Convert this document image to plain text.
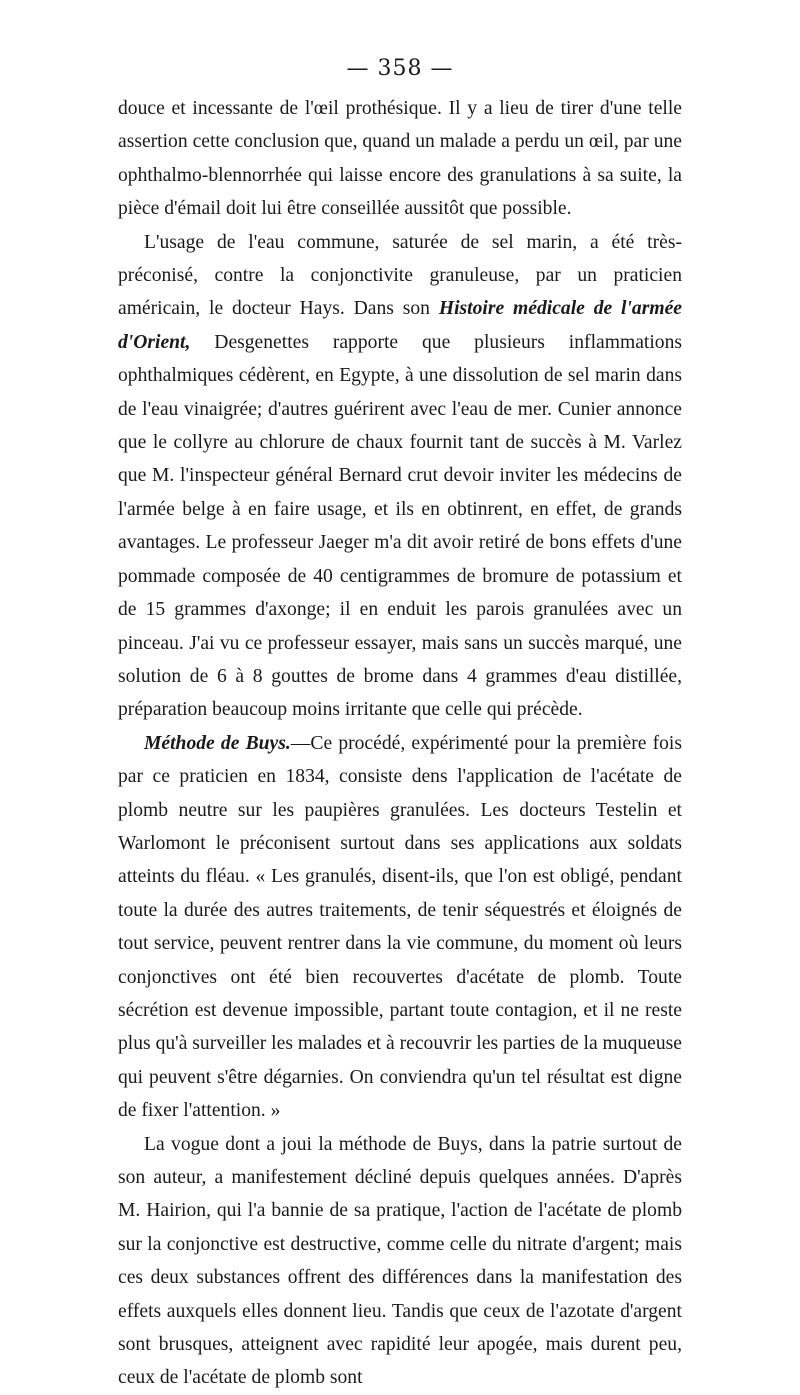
— 358 —

douce et incessante de l'œil prothésique. Il y a lieu de tirer d'une telle assertion cette conclusion que, quand un malade a perdu un œil, par une ophthalmo-blennorrhée qui laisse encore des granulations à sa suite, la pièce d'émail doit lui être conseillée aussitôt que possible.

L'usage de l'eau commune, saturée de sel marin, a été très-préconisé, contre la conjonctivite granuleuse, par un praticien américain, le docteur Hays. Dans son Histoire médicale de l'armée d'Orient, Desgenettes rapporte que plusieurs inflammations ophthalmiques cédèrent, en Egypte, à une dissolution de sel marin dans de l'eau vinaigrée; d'autres guérirent avec l'eau de mer. Cunier annonce que le collyre au chlorure de chaux fournit tant de succès à M. Varlez que M. l'inspecteur général Bernard crut devoir inviter les médecins de l'armée belge à en faire usage, et ils en obtinrent, en effet, de grands avantages. Le professeur Jaeger m'a dit avoir retiré de bons effets d'une pommade composée de 40 centigrammes de bromure de potassium et de 15 grammes d'axonge; il en enduit les parois granulées avec un pinceau. J'ai vu ce professeur essayer, mais sans un succès marqué, une solution de 6 à 8 gouttes de brome dans 4 grammes d'eau distillée, préparation beaucoup moins irritante que celle qui précède.

Méthode de Buys.—Ce procédé, expérimenté pour la première fois par ce praticien en 1834, consiste dens l'application de l'acétate de plomb neutre sur les paupières granulées. Les docteurs Testelin et Warlomont le préconisent surtout dans ses applications aux soldats atteints du fléau. « Les granulés, disent-ils, que l'on est obligé, pendant toute la durée des autres traitements, de tenir séquestrés et éloignés de tout service, peuvent rentrer dans la vie commune, du moment où leurs conjonctives ont été bien recouvertes d'acétate de plomb. Toute sécrétion est devenue impossible, partant toute contagion, et il ne reste plus qu'à surveiller les malades et à recouvrir les parties de la muqueuse qui peuvent s'être dégarnies. On conviendra qu'un tel résultat est digne de fixer l'attention. »

La vogue dont a joui la méthode de Buys, dans la patrie surtout de son auteur, a manifestement décliné depuis quelques années. D'après M. Hairion, qui l'a bannie de sa pratique, l'action de l'acétate de plomb sur la conjonctive est destructive, comme celle du nitrate d'argent; mais ces deux substances offrent des différences dans la manifestation des effets auxquels elles donnent lieu. Tandis que ceux de l'azotate d'argent sont brusques, atteignent avec rapidité leur apogée, mais durent peu, ceux de l'acétate de plomb sont
